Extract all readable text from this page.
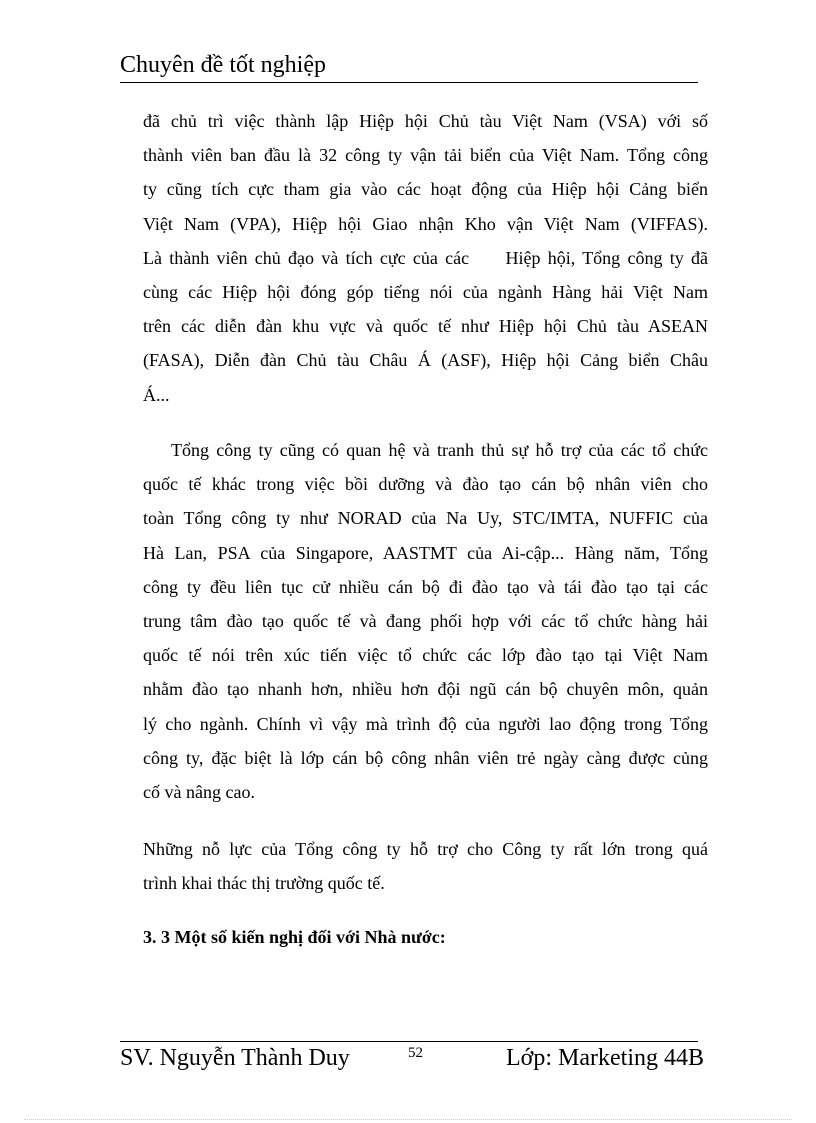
Chuyên đề tốt nghiệp
đã chủ trì việc thành lập Hiệp hội Chủ tàu Việt Nam (VSA) với số
thành viên ban đầu là 32 công ty vận tải biển của Việt Nam. Tổng công
ty cũng tích cực tham gia vào các hoạt động của Hiệp hội Cảng biển
Việt Nam (VPA), Hiệp hội Giao nhận Kho vận Việt Nam (VIFFAS).
Là thành viên chủ đạo và tích cực của các     Hiệp hội, Tổng công ty đã
cùng các Hiệp hội đóng góp tiếng nói của ngành Hàng hải Việt Nam
trên các diễn đàn khu vực và quốc tế như Hiệp hội Chủ tàu ASEAN
(FASA), Diễn đàn Chủ tàu Châu Á (ASF), Hiệp hội Cảng biển Châu
Á...
Tổng công ty cũng có quan hệ và tranh thủ sự hỗ trợ của các tổ chức
quốc tế khác trong việc bồi dưỡng và đào tạo cán bộ nhân viên cho
toàn Tổng công ty như NORAD của Na Uy, STC/IMTA, NUFFIC của
Hà Lan, PSA của Singapore, AASTMT của Ai-cập... Hàng năm, Tổng
công ty đều liên tục cử nhiều cán bộ đi đào tạo và tái đào tạo tại các
trung tâm đào tạo quốc tế và đang phối hợp với các tổ chức hàng hải
quốc tế nói trên xúc tiến việc tổ chức các lớp đào tạo tại Việt Nam
nhằm đào tạo nhanh hơn, nhiều hơn đội ngũ cán bộ chuyên môn, quản
lý cho ngành. Chính vì vậy mà trình độ của người lao động trong Tổng
công ty, đặc biệt là lớp cán bộ công nhân viên trẻ ngày càng được củng
cố và nâng cao.
Những nỗ lực của Tổng công ty hỗ trợ cho Công ty rất lớn trong quá
trình khai thác thị trường quốc tế.
3. 3 Một số kiến nghị đối với Nhà nước:
SV. Nguyễn Thành Duy	52	Lớp: Marketing 44B
